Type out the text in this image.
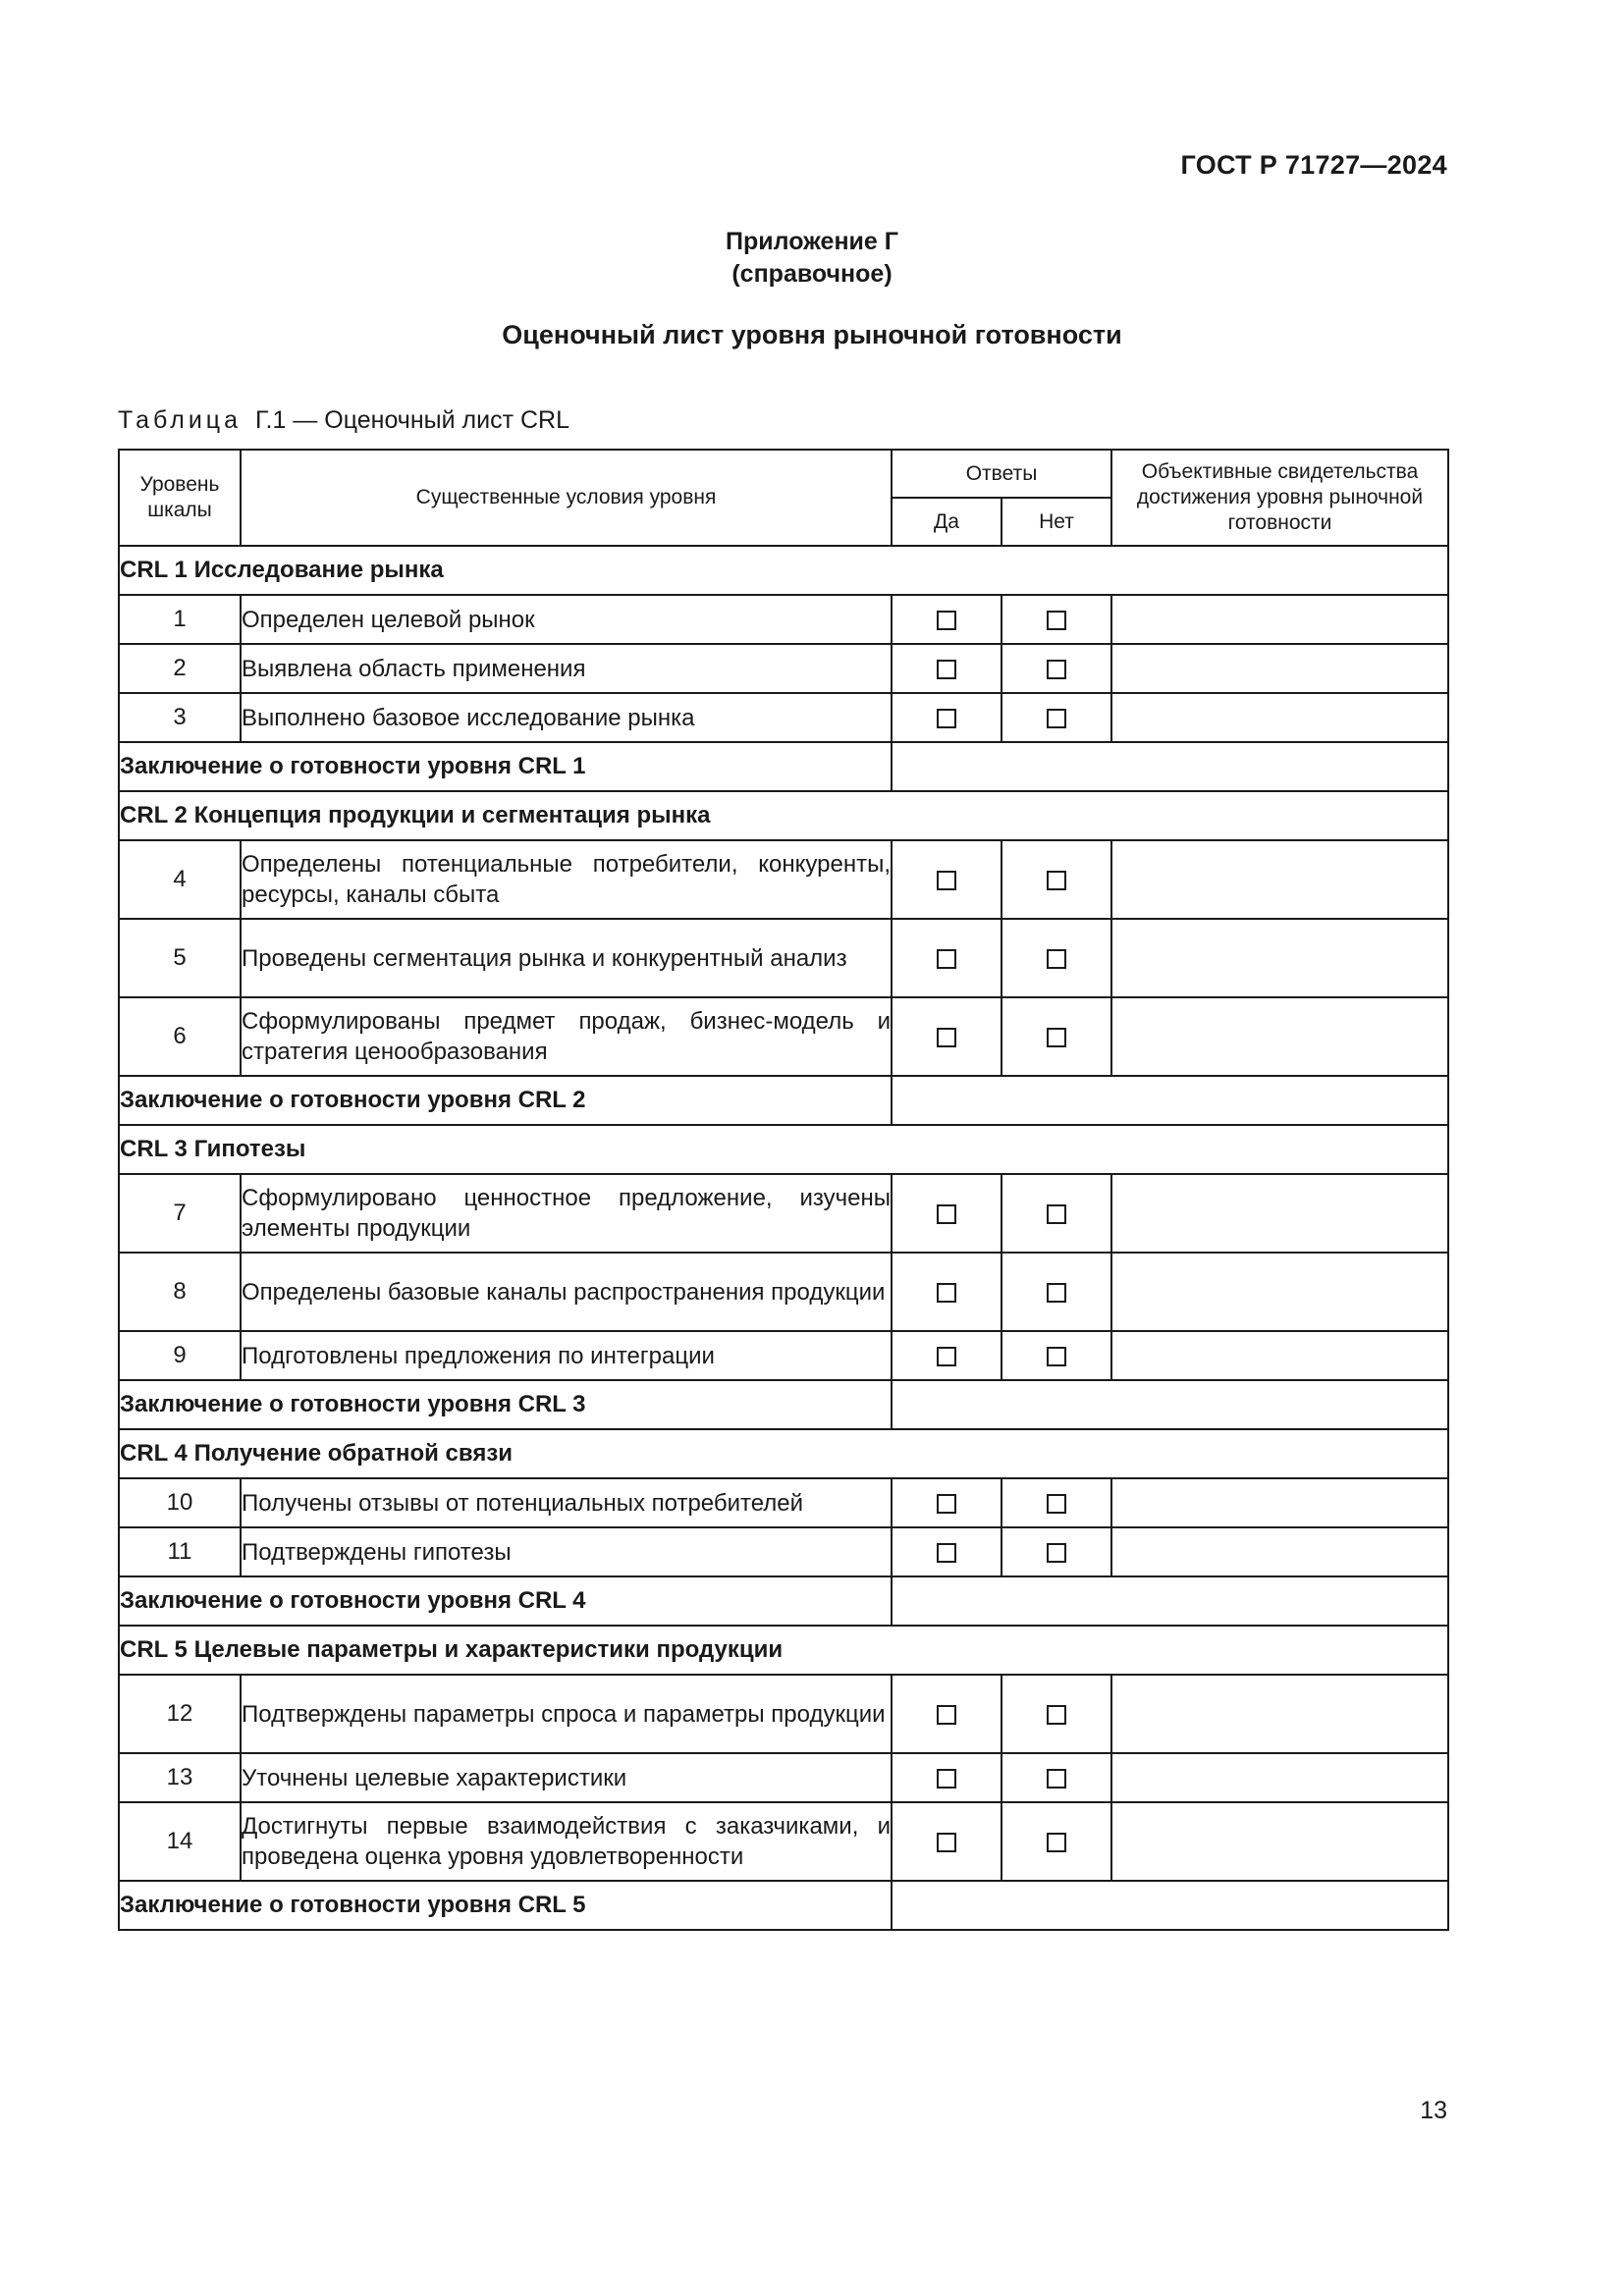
ГОСТ Р 71727—2024
Приложение Г
(справочное)
Оценочный лист уровня рыночной готовности
Таблица Г.1 — Оценочный лист CRL
Уровень шкалы	Существенные условия уровня	Ответы		Объективные свидетельства достижения уровня рыночной готовности
		Да	Нет	
CRL 1 Исследование рынка				
1	Определен целевой рынок			
2	Выявлена область применения			
3	Выполнено базовое исследование рынка			
Заключение о готовности уровня CRL 1				
CRL 2 Концепция продукции и сегментация рынка				
4	Определены потенциальные потребители, конкуренты, ресурсы, каналы сбыта			
5	Проведены сегментация рынка и конкурентный анализ			
6	Сформулированы предмет продаж, бизнес-модель и стратегия ценообразования			
Заключение о готовности уровня CRL 2				
CRL 3 Гипотезы				
7	Сформулировано ценностное предложение, изучены элементы продукции			
8	Определены базовые каналы распространения продукции			
9	Подготовлены предложения по интеграции			
Заключение о готовности уровня CRL 3				
CRL 4 Получение обратной связи				
10	Получены отзывы от потенциальных потребителей			
11	Подтверждены гипотезы			
Заключение о готовности уровня CRL 4				
CRL 5 Целевые параметры и характеристики продукции				
12	Подтверждены параметры спроса и параметры продукции			
13	Уточнены целевые характеристики			
14	Достигнуты первые взаимодействия с заказчиками, и проведена оценка уровня удовлетворенности			
Заключение о готовности уровня CRL 5				
13
